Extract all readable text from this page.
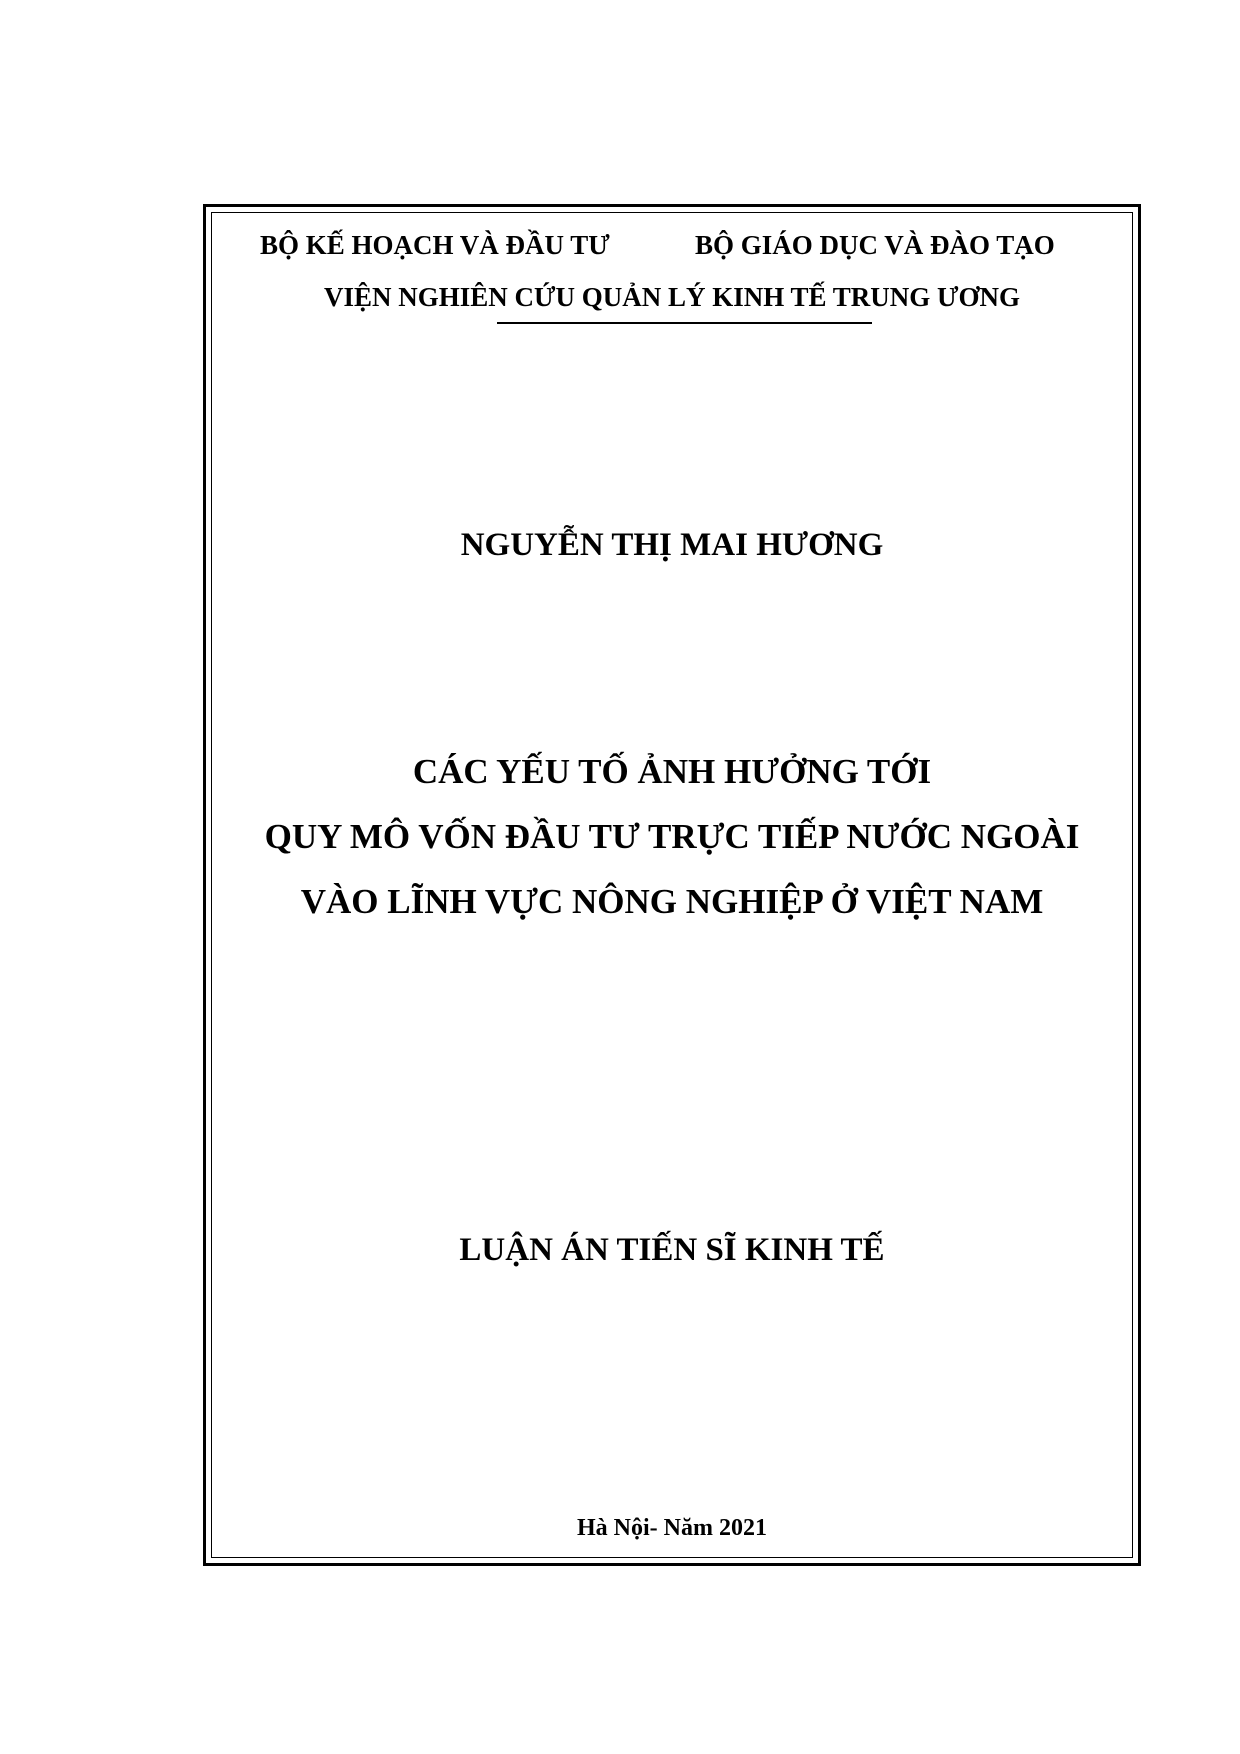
BỘ KẾ HOẠCH VÀ ĐẦU TƯ	BỘ GIÁO DỤC VÀ ĐÀO TẠO
VIỆN NGHIÊN CỨU QUẢN LÝ KINH TẾ TRUNG ƯƠNG
NGUYỄN THỊ MAI HƯƠNG
CÁC YẾU TỐ ẢNH HƯỞNG TỚI
QUY MÔ VỐN ĐẦU TƯ TRỰC TIẾP NƯỚC NGOÀI
VÀO LĨNH VỰC NÔNG NGHIỆP Ở VIỆT NAM
LUẬN ÁN TIẾN SĨ KINH TẾ
Hà Nội- Năm 2021
